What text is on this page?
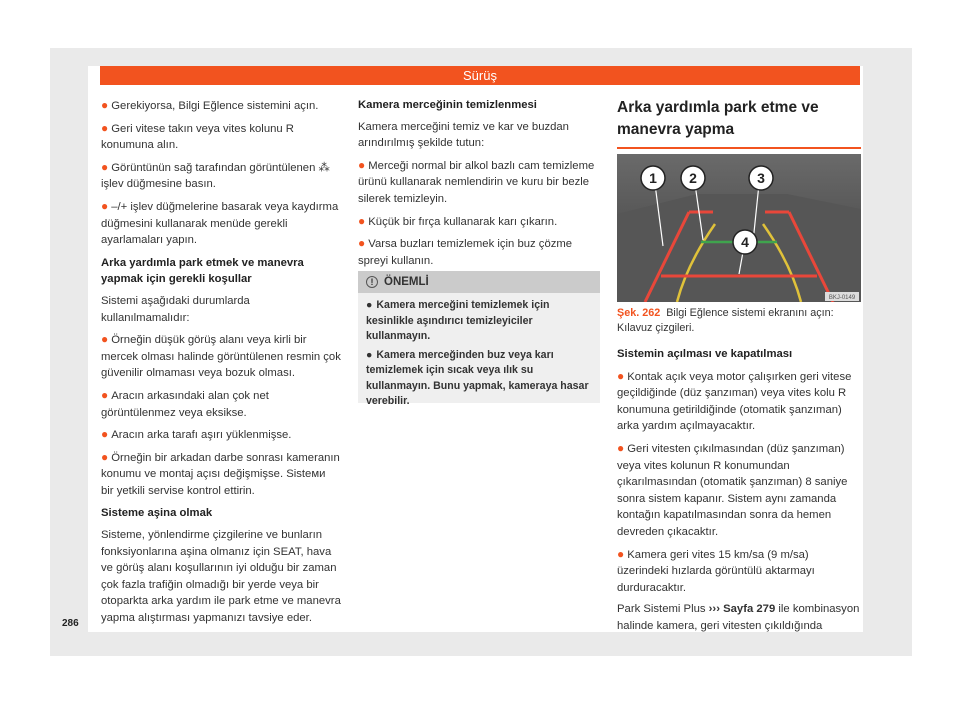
Sürüş

● Gerekiyorsa, Bilgi Eğlence sistemini açın.

● Geri vitese takın veya vites kolunu R konumuna alın.

● Görüntünün sağ tarafından görüntülenen ⁂ işlev düğmesine basın.

● –/+ işlev düğmelerine basarak veya kaydırma düğmesini kullanarak menüde gerekli ayarlamaları yapın.

Arka yardımla park etmek ve manevra yapmak için gerekli koşullar

Sistemi aşağıdaki durumlarda kullanılmamalıdır:

● Örneğin düşük görüş alanı veya kirli bir mercek olması halinde görüntülenen resmin çok güvenilir olmaması veya bozuk olması.

● Aracın arkasındaki alan çok net görüntülenmez veya eksikse.

● Aracın arka tarafı aşırı yüklenmişse.

● Örneğin bir arkadan darbe sonrası kameranın konumu ve montaj açısı değişmişse. Sisteми bir yetkili servise kontrol ettirin.

Sisteme aşina olmak

Sisteme, yönlendirme çizgilerine ve bunların fonksiyonlarına aşina olmanız için SEAT, hava ve görüş alanı koşullarının iyi olduğu bir zaman çok fazla trafiğin olmadığı bir yerde veya bir otoparkta arka yardım ile park etme ve manevra yapma alıştırması yapmanızı tavsiye eder.

Kamera merceğinin temizlenmesi

Kamera merceğini temiz ve kar ve buzdan arındırılmış şekilde tutun:

● Merceği normal bir alkol bazlı cam temizleme ürünü kullanarak nemlendirin ve kuru bir bezle silerek temizleyin.

● Küçük bir fırça kullanarak karı çıkarın.

● Varsa buzları temizlemek için buz çözme spreyi kullanın.

! ÖNEMLİ

● Kamera merceğini temizlemek için kesinlikle aşındırıcı temizleyiciler kullanmayın.

● Kamera merceğinden buz veya karı temizlemek için sıcak veya ılık su kullanmayın. Bunu yapmak, kameraya hasar verebilir.

Arka yardımla park etme ve manevra yapma
1 2	3
4
BKJ-0149
Şek. 262 Bilgi Eğlence sistemi ekranını açın: Kılavuz çizgileri.

Sistemin açılması ve kapatılması

● Kontak açık veya motor çalışırken geri vitese geçildiğinde (düz şanzıman) veya vites kolu R konumuna getirildiğinde (otomatik şanzıman) arka yardım açılmayacaktır.

● Geri vitesten çıkılmasından (düz şanzıman) veya vites kolunun R konumundan çıkarılmasından (otomatik şanzıman) 8 saniye sonra sistem kapanır. Sistem aynı zamanda kontağın kapatılmasından sonra da hemen devreden çıkacaktır.

● Kamera geri vites 15 km/sa (9 m/sa) üzerindeki hızlarda görüntülü aktarmayı durduracaktır.

Park Sistemi Plus ››› Sayfa 279 ile kombinasyon halinde kamera, geri vitesten çıkıldığında

286
